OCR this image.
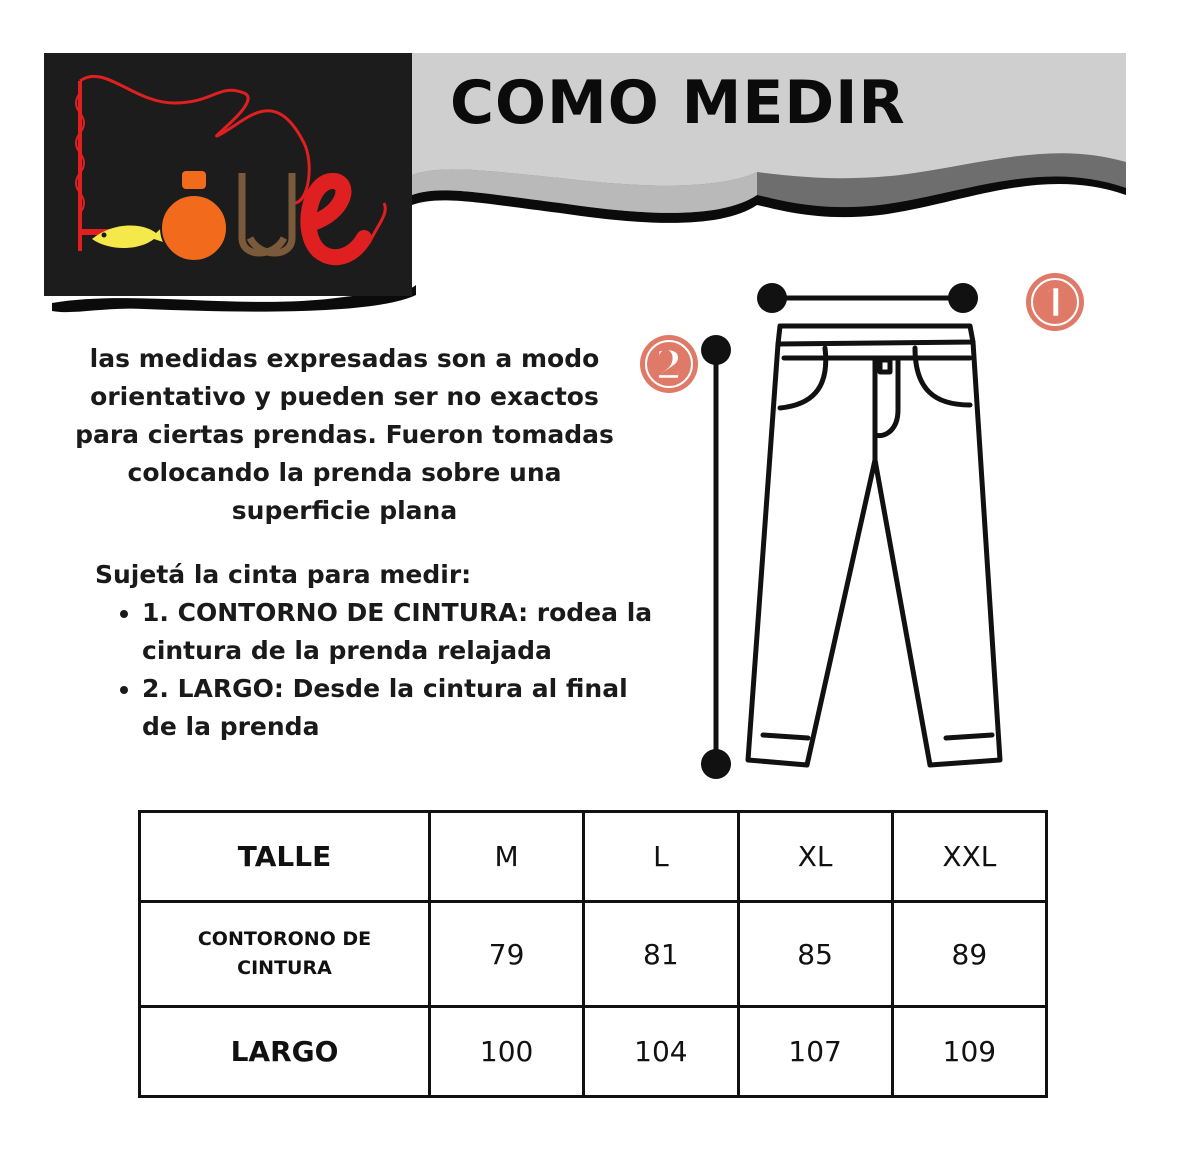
COMO MEDIR

las medidas expresadas son a modo orientativo y pueden ser no exactos para ciertas prendas. Fueron tomadas colocando la prenda sobre una superficie plana

Sujetá la cinta para medir:

• 1. CONTORNO DE CINTURA: rodea la cintura de la prenda relajada
• 2. LARGO: Desde la cintura al final de la prenda
1
2
TALLE	M	L	XL	XXL
CONTORONO DE
CINTURA	79	81	85	89
LARGO	100	104	107	109
